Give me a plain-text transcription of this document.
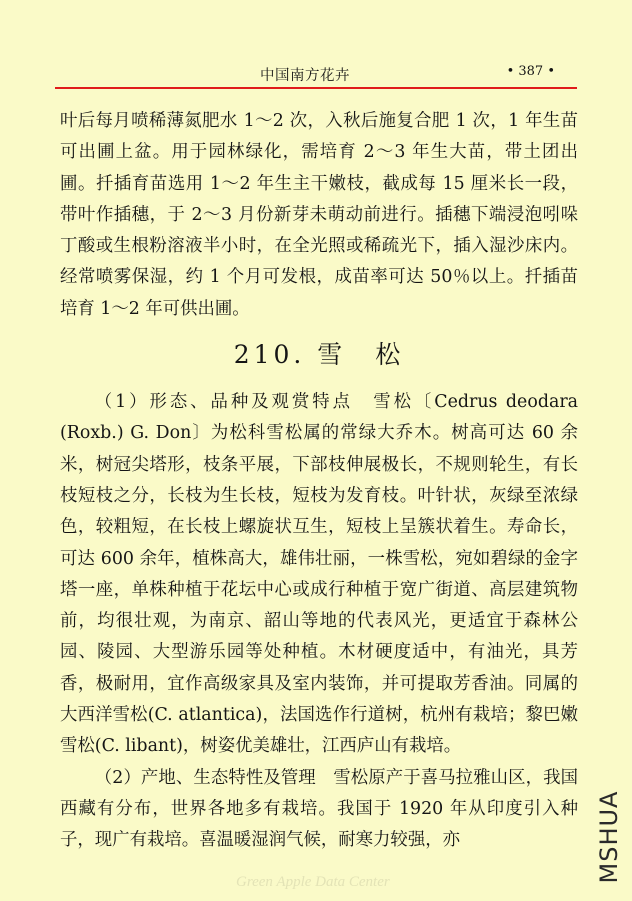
中国南方花卉	• 387 •

叶后每月喷稀薄氮肥水 1～2 次，入秋后施复合肥 1 次，1 年生苗可出圃上盆。用于园林绿化，需培育 2～3 年生大苗，带土团出圃。扦插育苗选用 1～2 年生主干嫩枝，截成每 15 厘米长一段，带叶作插穗，于 2～3 月份新芽未萌动前进行。插穗下端浸泡吲哚丁酸或生根粉溶液半小时，在全光照或稀疏光下，插入湿沙床内。经常喷雾保湿，约 1 个月可发根，成苗率可达 50％以上。扦插苗培育 1～2 年可供出圃。

210. 雪　松

（1）形态、品种及观赏特点　雪松〔Cedrus deodara (Roxb.) G. Don〕为松科雪松属的常绿大乔木。树高可达 60 余米，树冠尖塔形，枝条平展，下部枝伸展极长，不规则轮生，有长枝短枝之分，长枝为生长枝，短枝为发育枝。叶针状，灰绿至浓绿色，较粗短，在长枝上螺旋状互生，短枝上呈簇状着生。寿命长，可达 600 余年，植株高大，雄伟壮丽，一株雪松，宛如碧绿的金字塔一座，单株种植于花坛中心或成行种植于宽广街道、高层建筑物前，均很壮观，为南京、韶山等地的代表风光，更适宜于森林公园、陵园、大型游乐园等处种植。木材硬度适中，有油光，具芳香，极耐用，宜作高级家具及室内装饰，并可提取芳香油。同属的大西洋雪松(C. atlantica)，法国选作行道树，杭州有栽培；黎巴嫩雪松(C. libant)，树姿优美雄壮，江西庐山有栽培。

（2）产地、生态特性及管理　雪松原产于喜马拉雅山区，我国西藏有分布，世界各地多有栽培。我国于 1920 年从印度引入种子，现广有栽培。喜温暖湿润气候，耐寒力较强，亦	MSHUA
Green Apple Data Center
